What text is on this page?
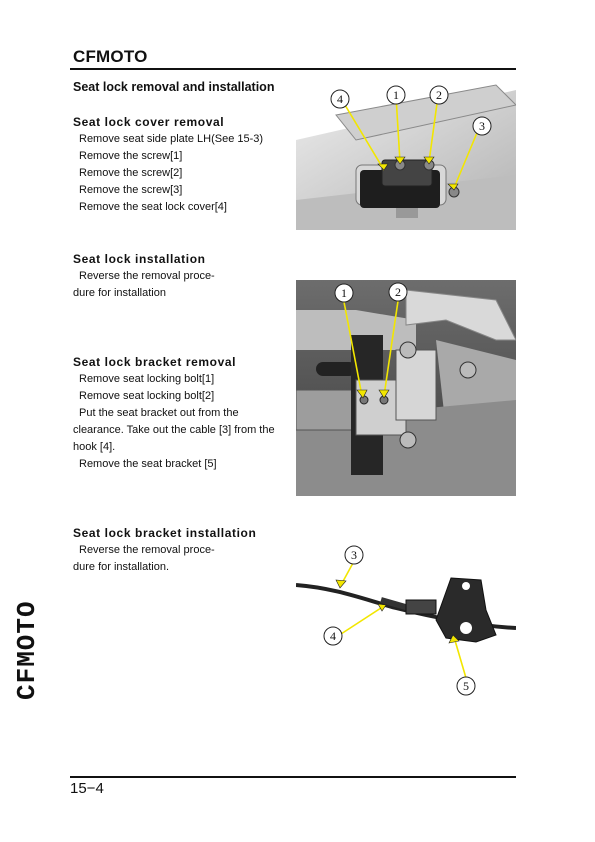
CFMOTO
Seat lock removal and installation
Seat lock cover removal
Remove seat side plate LH(See 15-3)
Remove the screw[1]
Remove the screw[2]
Remove the screw[3]
Remove the seat lock cover[4]
Seat lock installation
Reverse the removal proce-
dure for installation
Seat lock bracket removal
Remove seat locking bolt[1]
Remove seat locking bolt[2]
Put the seat bracket out from the
clearance. Take out the cable [3] from the
hook [4].
Remove the seat bracket [5]
Seat lock bracket installation
Reverse the removal proce-
dure for installation.
4	1	2
3
1	2
3
4
5
CFMOTO
15−4
